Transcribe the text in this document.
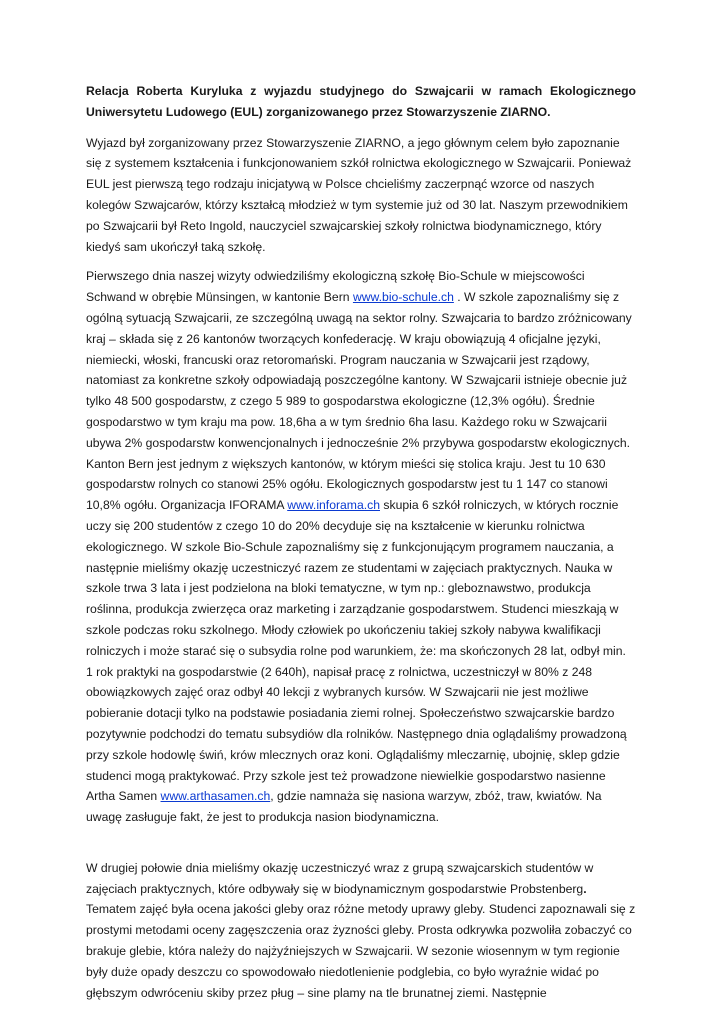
Relacja Roberta Kuryluka z wyjazdu studyjnego do Szwajcarii w ramach Ekologicznego Uniwersytetu Ludowego (EUL) zorganizowanego przez Stowarzyszenie ZIARNO.

Wyjazd był zorganizowany przez Stowarzyszenie ZIARNO, a jego głównym celem było zapoznanie się z systemem kształcenia i funkcjonowaniem szkół rolnictwa ekologicznego w Szwajcarii. Ponieważ EUL jest pierwszą tego rodzaju inicjatywą w Polsce chcieliśmy zaczerpnąć wzorce od naszych kolegów Szwajcarów, którzy kształcą młodzież w tym systemie już od 30 lat. Naszym przewodnikiem po Szwajcarii był Reto Ingold, nauczyciel szwajcarskiej szkoły rolnictwa biodynamicznego, który kiedyś sam ukończył taką szkołę.

Pierwszego dnia naszej wizyty odwiedziliśmy ekologiczną szkołę Bio-Schule w miejscowości Schwand w obrębie Münsingen, w kantonie Bern www.bio-schule.ch . W szkole zapoznaliśmy się z ogólną sytuacją Szwajcarii, ze szczególną uwagą na sektor rolny. Szwajcaria to bardzo zróżnicowany kraj – składa się z 26 kantonów tworzących konfederację. W kraju obowiązują 4 oficjalne języki, niemiecki, włoski, francuski oraz retoromański. Program nauczania w Szwajcarii jest rządowy, natomiast za konkretne szkoły odpowiadają poszczególne kantony. W Szwajcarii istnieje obecnie już tylko 48 500 gospodarstw, z czego 5 989 to gospodarstwa ekologiczne (12,3% ogółu). Średnie gospodarstwo w tym kraju ma pow. 18,6ha a w tym średnio 6ha lasu. Każdego roku w Szwajcarii ubywa 2% gospodarstw konwencjonalnych i jednocześnie 2% przybywa gospodarstw ekologicznych. Kanton Bern jest jednym z większych kantonów, w którym mieści się stolica kraju. Jest tu 10 630 gospodarstw rolnych co stanowi 25% ogółu. Ekologicznych gospodarstw jest tu 1 147 co stanowi 10,8% ogółu. Organizacja IFORAMA www.inforama.ch skupia 6 szkół rolniczych, w których rocznie uczy się 200 studentów z czego 10 do 20% decyduje się na kształcenie w kierunku rolnictwa ekologicznego. W szkole Bio-Schule zapoznaliśmy się z funkcjonującym programem nauczania, a następnie mieliśmy okazję uczestniczyć razem ze studentami w zajęciach praktycznych. Nauka w szkole trwa 3 lata i jest podzielona na bloki tematyczne, w tym np.: gleboznawstwo, produkcja roślinna, produkcja zwierzęca oraz marketing i zarządzanie gospodarstwem. Studenci mieszkają w szkole podczas roku szkolnego. Młody człowiek po ukończeniu takiej szkoły nabywa kwalifikacji rolniczych i może starać się o subsydia rolne pod warunkiem, że: ma skończonych 28 lat, odbył min. 1 rok praktyki na gospodarstwie (2 640h), napisał pracę z rolnictwa, uczestniczył w 80% z 248 obowiązkowych zajęć oraz odbył 40 lekcji z wybranych kursów. W Szwajcarii nie jest możliwe pobieranie dotacji tylko na podstawie posiadania ziemi rolnej. Społeczeństwo szwajcarskie bardzo pozytywnie podchodzi do tematu subsydiów dla rolników. Następnego dnia oglądaliśmy prowadzoną przy szkole hodowlę świń, krów mlecznych oraz koni. Oglądaliśmy mleczarnię, ubojnię, sklep gdzie studenci mogą praktykować. Przy szkole jest też prowadzone niewielkie gospodarstwo nasienne Artha Samen www.arthasamen.ch, gdzie namnaża się nasiona warzyw, zbóż, traw, kwiatów. Na uwagę zasługuje fakt, że jest to produkcja nasion biodynamiczna.

W drugiej połowie dnia mieliśmy okazję uczestniczyć wraz z grupą szwajcarskich studentów w zajęciach praktycznych, które odbywały się w biodynamicznym gospodarstwie Probstenberg. Tematem zajęć była ocena jakości gleby oraz różne metody uprawy gleby. Studenci zapoznawali się z prostymi metodami oceny zagęszczenia oraz żyzności gleby. Prosta odkrywka pozwoliła zobaczyć co brakuje glebie, która należy do najżyźniejszych w Szwajcarii. W sezonie wiosennym w tym regionie były duże opady deszczu co spowodowało niedotlenienie podglebia, co było wyraźnie widać po głębszym odwróceniu skiby przez pług – sine plamy na tle brunatnej ziemi. Następnie
